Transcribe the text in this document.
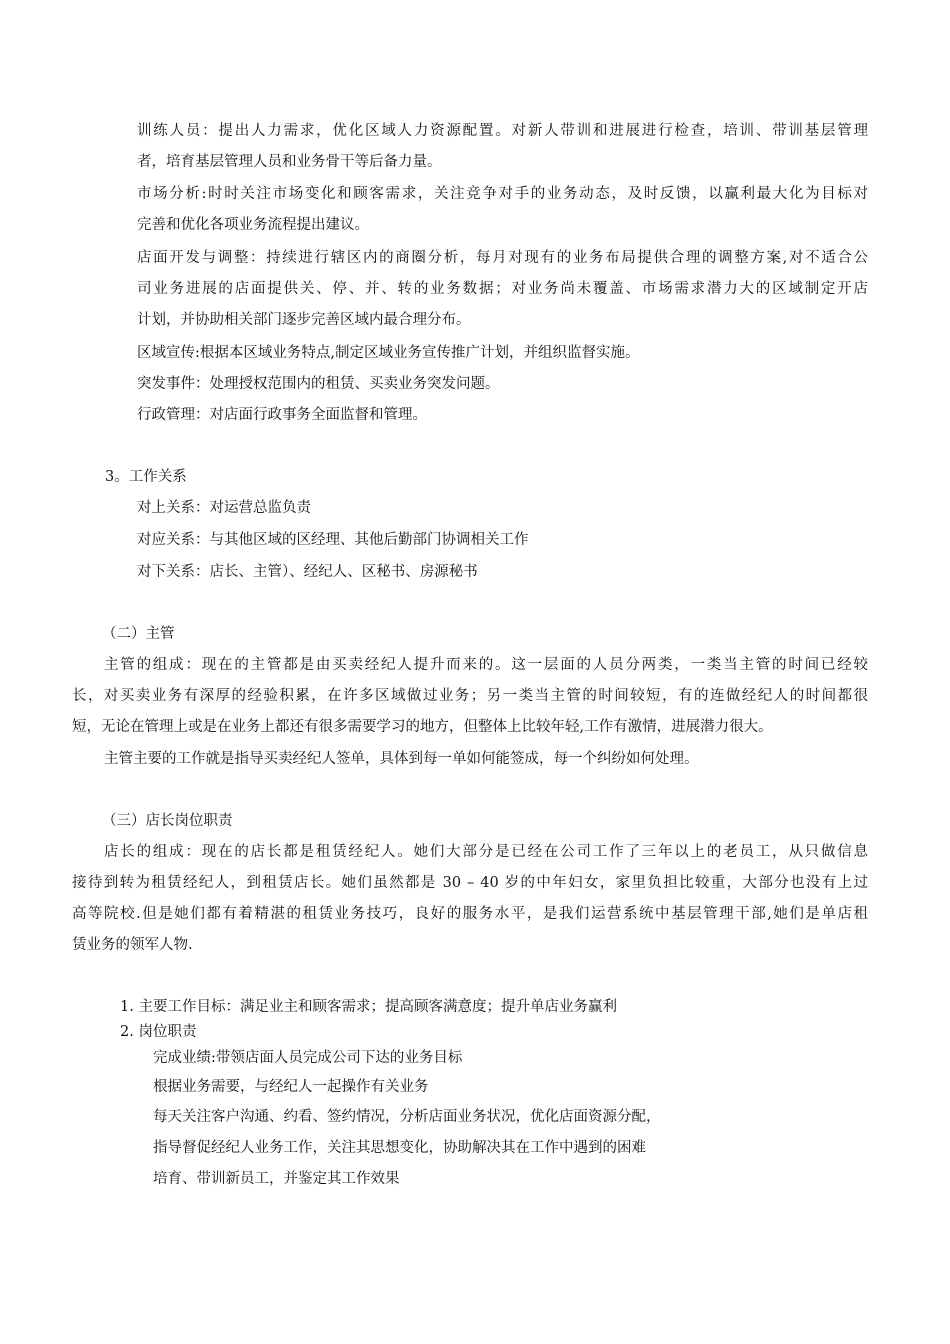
训练人员：提出人力需求，优化区域人力资源配置。对新人带训和进展进行检查，培训、带训基层管理
者，培育基层管理人员和业务骨干等后备力量。
市场分析:时时关注市场变化和顾客需求，关注竞争对手的业务动态，及时反馈，以赢利最大化为目标对
完善和优化各项业务流程提出建议。
店面开发与调整：持续进行辖区内的商圈分析，每月对现有的业务布局提供合理的调整方案,对不适合公
司业务进展的店面提供关、停、并、转的业务数据；对业务尚未覆盖、市场需求潜力大的区域制定开店
计划，并协助相关部门逐步完善区域内最合理分布。
区域宣传:根据本区域业务特点,制定区域业务宣传推广计划，并组织监督实施。
突发事件：处理授权范围内的租赁、买卖业务突发问题。
行政管理：对店面行政事务全面监督和管理。
3。工作关系
对上关系：对运营总监负责
对应关系：与其他区域的区经理、其他后勤部门协调相关工作
对下关系：店长、主管）、经纪人、区秘书、房源秘书
（二）主管
主管的组成：现在的主管都是由买卖经纪人提升而来的。这一层面的人员分两类，一类当主管的时间已经较
长，对买卖业务有深厚的经验积累，在许多区域做过业务；另一类当主管的时间较短，有的连做经纪人的时间都很
短，无论在管理上或是在业务上都还有很多需要学习的地方，但整体上比较年轻,工作有激情，进展潜力很大。
主管主要的工作就是指导买卖经纪人签单，具体到每一单如何能签成，每一个纠纷如何处理。
（三）店长岗位职责
店长的组成：现在的店长都是租赁经纪人。她们大部分是已经在公司工作了三年以上的老员工，从只做信息
接待到转为租赁经纪人，到租赁店长。她们虽然都是 30 – 40 岁的中年妇女，家里负担比较重，大部分也没有上过
高等院校.但是她们都有着精湛的租赁业务技巧，良好的服务水平，是我们运营系统中基层管理干部,她们是单店租
赁业务的领军人物.
1. 主要工作目标：满足业主和顾客需求；提高顾客满意度；提升单店业务赢利
2. 岗位职责
完成业绩:带领店面人员完成公司下达的业务目标
根据业务需要，与经纪人一起操作有关业务
每天关注客户沟通、约看、签约情况，分析店面业务状况，优化店面资源分配，
指导督促经纪人业务工作，关注其思想变化，协助解决其在工作中遇到的困难
培育、带训新员工，并鉴定其工作效果
